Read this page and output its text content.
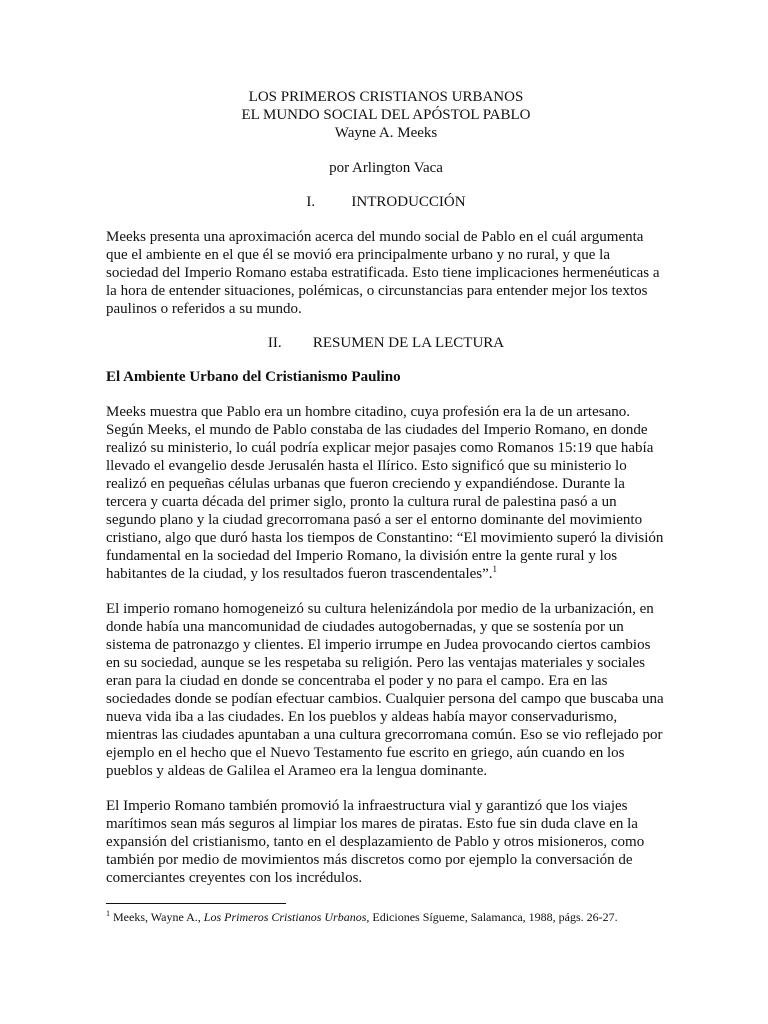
LOS PRIMEROS CRISTIANOS URBANOS
EL MUNDO SOCIAL DEL APÓSTOL PABLO
Wayne A. Meeks
por Arlington Vaca
I. INTRODUCCIÓN

Meeks presenta una aproximación acerca del mundo social de Pablo en el cuál argumenta que el ambiente en el que él se movió era principalmente urbano y no rural, y que la sociedad del Imperio Romano estaba estratificada. Esto tiene implicaciones hermenéuticas a la hora de entender situaciones, polémicas, o circunstancias para entender mejor los textos paulinos o referidos a su mundo.

II. RESUMEN DE LA LECTURA

El Ambiente Urbano del Cristianismo Paulino

Meeks muestra que Pablo era un hombre citadino, cuya profesión era la de un artesano. Según Meeks, el mundo de Pablo constaba de las ciudades del Imperio Romano, en donde realizó su ministerio, lo cuál podría explicar mejor pasajes como Romanos 15:19 que había llevado el evangelio desde Jerusalén hasta el Ilírico. Esto significó que su ministerio lo realizó en pequeñas células urbanas que fueron creciendo y expandiéndose. Durante la tercera y cuarta década del primer siglo, pronto la cultura rural de palestina pasó a un segundo plano y la ciudad grecorromana pasó a ser el entorno dominante del movimiento cristiano, algo que duró hasta los tiempos de Constantino: “El movimiento superó la división fundamental en la sociedad del Imperio Romano, la división entre la gente rural y los habitantes de la ciudad, y los resultados fueron trascendentales”.$^1$

El imperio romano homogeneizó su cultura helenizándola por medio de la urbanización, en donde había una mancomunidad de ciudades autogobernadas, y que se sostenía por un sistema de patronazgo y clientes. El imperio irrumpe en Judea provocando ciertos cambios en su sociedad, aunque se les respetaba su religión. Pero las ventajas materiales y sociales eran para la ciudad en donde se concentraba el poder y no para el campo. Era en las sociedades donde se podían efectuar cambios. Cualquier persona del campo que buscaba una nueva vida iba a las ciudades. En los pueblos y aldeas había mayor conservadurismo, mientras las ciudades apuntaban a una cultura grecorromana común. Eso se vio reflejado por ejemplo en el hecho que el Nuevo Testamento fue escrito en griego, aún cuando en los pueblos y aldeas de Galilea el Arameo era la lengua dominante.

El Imperio Romano también promovió la infraestructura vial y garantizó que los viajes marítimos sean más seguros al limpiar los mares de piratas. Esto fue sin duda clave en la expansión del cristianismo, tanto en el desplazamiento de Pablo y otros misioneros, como también por medio de movimientos más discretos como por ejemplo la conversación de comerciantes creyentes con los incrédulos.

$^1$ Meeks, Wayne A., Los Primeros Cristianos Urbanos, Ediciones Sígueme, Salamanca, 1988, págs. 26-27.
